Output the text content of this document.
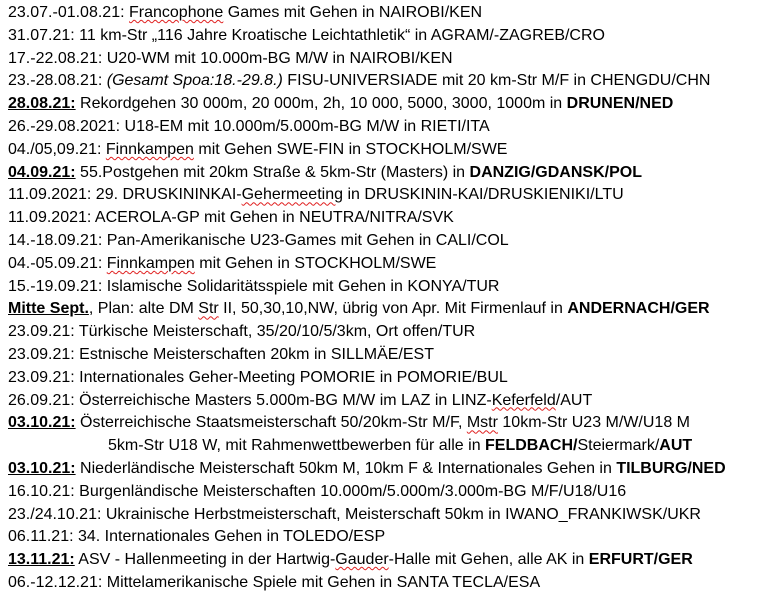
23.07.-01.08.21: Francophone Games mit Gehen in NAIROBI/KEN
31.07.21: 11 km-Str „116 Jahre Kroatische Leichtathletik“ in AGRAM/-ZAGREB/CRO
17.-22.08.21: U20-WM mit 10.000m-BG M/W in NAIROBI/KEN
23.-28.08.21: (Gesamt Spoa:18.-29.8.) FISU-UNIVERSIADE mit 20 km-Str M/F in CHENGDU/CHN
28.08.21: Rekordgehen 30 000m, 20 000m, 2h, 10 000, 5000, 3000, 1000m in DRUNEN/NED
26.-29.08.2021: U18-EM mit 10.000m/5.000m-BG M/W in RIETI/ITA
04./05,09.21: Finnkampen mit Gehen SWE-FIN in STOCKHOLM/SWE
04.09.21: 55.Postgehen mit 20km Straße & 5km-Str (Masters) in DANZIG/GDANSK/POL
11.09.2021: 29. DRUSKININKAI-Gehermeeting in DRUSKININ-KAI/DRUSKIENIKI/LTU
11.09.2021: ACEROLA-GP mit Gehen in NEUTRA/NITRA/SVK
14.-18.09.21: Pan-Amerikanische U23-Games mit Gehen in CALI/COL
04.-05.09.21: Finnkampen mit Gehen in STOCKHOLM/SWE
15.-19.09.21: Islamische Solidaritätsspiele mit Gehen in KONYA/TUR
Mitte Sept., Plan: alte DM Str II, 50,30,10,NW, übrig von Apr. Mit Firmenlauf in ANDERNACH/GER
23.09.21: Türkische Meisterschaft, 35/20/10/5/3km, Ort offen/TUR
23.09.21: Estnische Meisterschaften 20km in SILLMÄE/EST
23.09.21: Internationales Geher-Meeting POMORIE in POMORIE/BUL
26.09.21: Österreichische Masters 5.000m-BG M/W im LAZ in LINZ-Keferfeld/AUT
03.10.21: Österreichische Staatsmeisterschaft 50/20km-Str M/F, Mstr 10km-Str U23 M/W/U18 M
5km-Str U18 W, mit Rahmenwettbewerben für alle in FELDBACH/Steiermark/AUT
03.10.21: Niederländische Meisterschaft 50km M, 10km F & Internationales Gehen in TILBURG/NED
16.10.21: Burgenländische Meisterschaften 10.000m/5.000m/3.000m-BG M/F/U18/U16
23./24.10.21: Ukrainische Herbstmeisterschaft, Meisterschaft 50km in IWANO_FRANKIWSK/UKR
06.11.21: 34. Internationales Gehen in TOLEDO/ESP
13.11.21: ASV - Hallenmeeting in der Hartwig-Gauder-Halle mit Gehen, alle AK in ERFURT/GER
06.-12.12.21: Mittelamerikanische Spiele mit Gehen in SANTA TECLA/ESA
